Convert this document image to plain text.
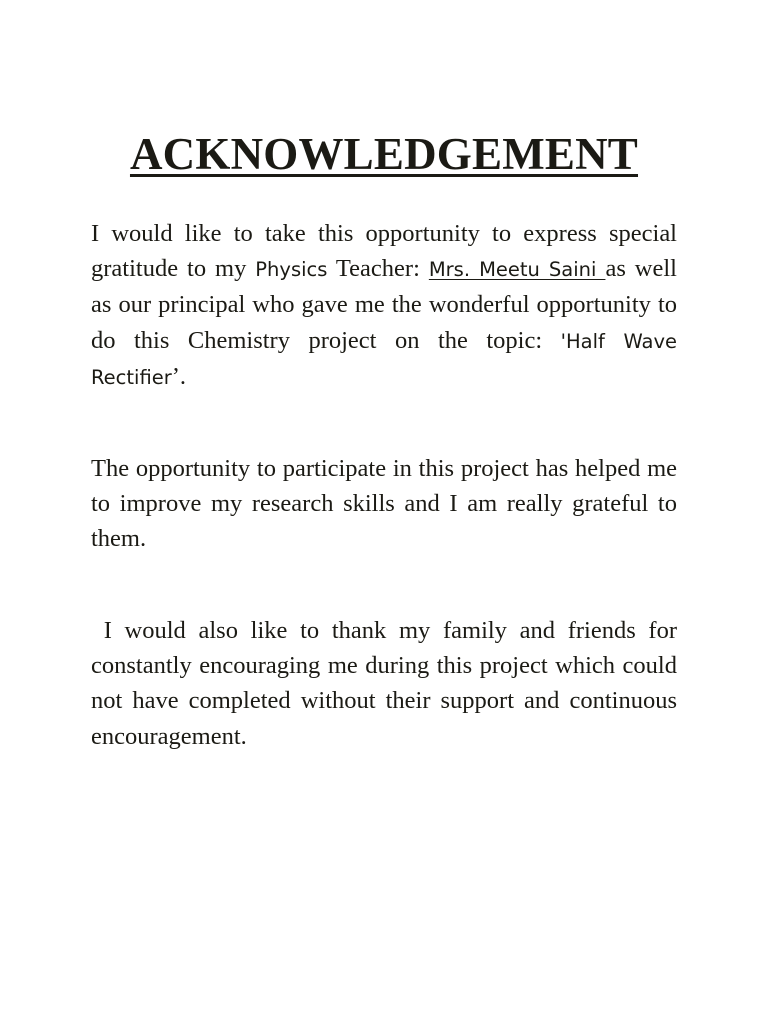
ACKNOWLEDGEMENT

I would like to take this opportunity to express special gratitude to my Physics Teacher: Mrs. Meetu Saini as well as our principal who gave me the wonderful opportunity to do this Chemistry project on the topic: 'Half Wave Rectifier’.

The opportunity to participate in this project has helped me to improve my research skills and I am really grateful to them.

I would also like to thank my family and friends for constantly encouraging me during this project which could not have completed without their support and continuous encouragement.
